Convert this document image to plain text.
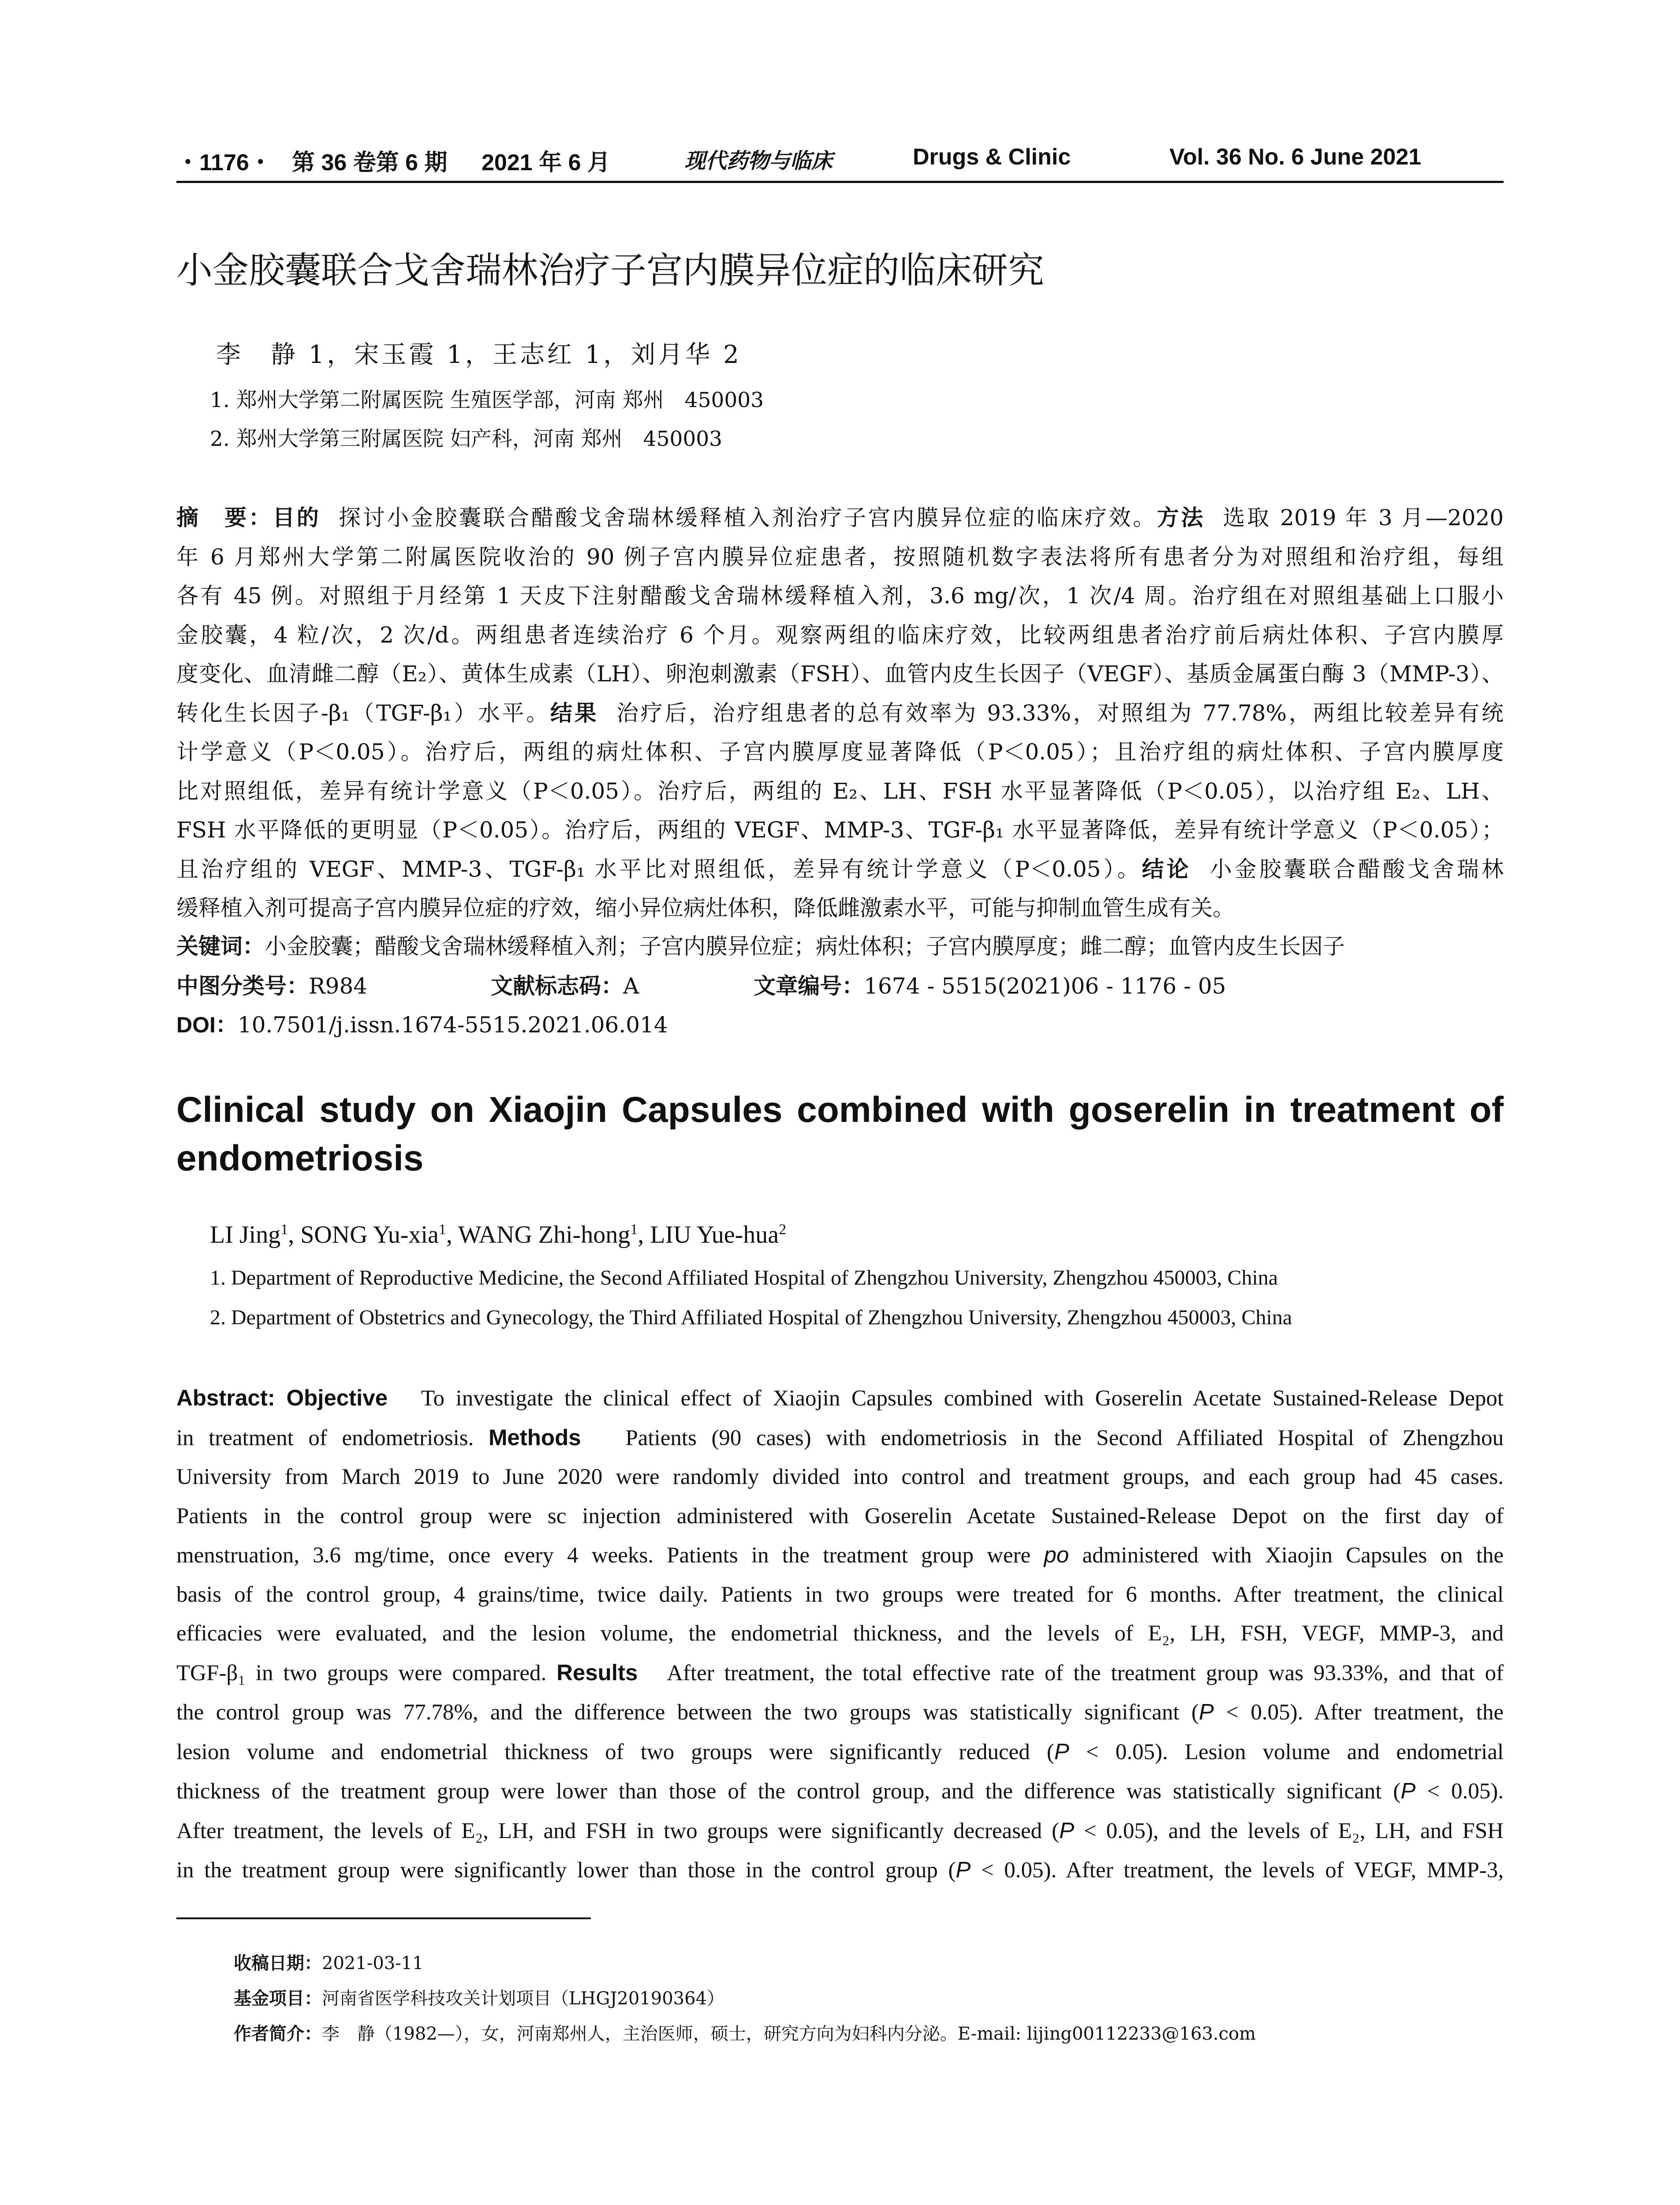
・1176・ 第 36 卷第 6 期 2021 年 6 月	现代药物与临床	Drugs & Clinic	Vol. 36 No. 6 June 2021
小金胶囊联合戈舍瑞林治疗子宫内膜异位症的临床研究
李　静 1，宋玉霞 1，王志红 1，刘月华 2
1. 郑州大学第二附属医院 生殖医学部，河南 郑州　450003
2. 郑州大学第三附属医院 妇产科，河南 郑州　450003
摘　要：目的 探讨小金胶囊联合醋酸戈舍瑞林缓释植入剂治疗子宫内膜异位症的临床疗效。方法 选取 2019 年 3 月—2020
年 6 月郑州大学第二附属医院收治的 90 例子宫内膜异位症患者，按照随机数字表法将所有患者分为对照组和治疗组，每组
各有 45 例。对照组于月经第 1 天皮下注射醋酸戈舍瑞林缓释植入剂，3.6 mg/次，1 次/4 周。治疗组在对照组基础上口服小
金胶囊，4 粒/次，2 次/d。两组患者连续治疗 6 个月。观察两组的临床疗效，比较两组患者治疗前后病灶体积、子宫内膜厚
度变化、血清雌二醇（E₂）、黄体生成素（LH）、卵泡刺激素（FSH）、血管内皮生长因子（VEGF）、基质金属蛋白酶 3（MMP-3）、
转化生长因子-β₁（TGF-β₁）水平。结果 治疗后，治疗组患者的总有效率为 93.33%，对照组为 77.78%，两组比较差异有统
计学意义（P＜0.05）。治疗后，两组的病灶体积、子宫内膜厚度显著降低（P＜0.05）；且治疗组的病灶体积、子宫内膜厚度
比对照组低，差异有统计学意义（P＜0.05）。治疗后，两组的 E₂、LH、FSH 水平显著降低（P＜0.05），以治疗组 E₂、LH、
FSH 水平降低的更明显（P＜0.05）。治疗后，两组的 VEGF、MMP-3、TGF-β₁ 水平显著降低，差异有统计学意义（P＜0.05）；
且治疗组的 VEGF、MMP-3、TGF-β₁ 水平比对照组低，差异有统计学意义（P＜0.05）。结论 小金胶囊联合醋酸戈舍瑞林
缓释植入剂可提高子宫内膜异位症的疗效，缩小异位病灶体积，降低雌激素水平，可能与抑制血管生成有关。
关键词：小金胶囊；醋酸戈舍瑞林缓释植入剂；子宫内膜异位症；病灶体积；子宫内膜厚度；雌二醇；血管内皮生长因子
中图分类号：R984	文献标志码：A	文章编号：1674 - 5515(2021)06 - 1176 - 05
DOI：10.7501/j.issn.1674-5515.2021.06.014
Clinical study on Xiaojin Capsules combined with goserelin in treatment of
endometriosis
LI Jing$^1$, SONG Yu-xia$^1$, WANG Zhi-hong$^1$, LIU Yue-hua$^2$
1. Department of Reproductive Medicine, the Second Affiliated Hospital of Zhengzhou University, Zhengzhou 450003, China
2. Department of Obstetrics and Gynecology, the Third Affiliated Hospital of Zhengzhou University, Zhengzhou 450003, China
Abstract: Objective To investigate the clinical effect of Xiaojin Capsules combined with Goserelin Acetate Sustained-Release Depot
in treatment of endometriosis. Methods Patients (90 cases) with endometriosis in the Second Affiliated Hospital of Zhengzhou
University from March 2019 to June 2020 were randomly divided into control and treatment groups, and each group had 45 cases.
Patients in the control group were sc injection administered with Goserelin Acetate Sustained-Release Depot on the first day of
menstruation, 3.6 mg/time, once every 4 weeks. Patients in the treatment group were po administered with Xiaojin Capsules on the
basis of the control group, 4 grains/time, twice daily. Patients in two groups were treated for 6 months. After treatment, the clinical
efficacies were evaluated, and the lesion volume, the endometrial thickness, and the levels of E₂, LH, FSH, VEGF, MMP-3, and
TGF-β₁ in two groups were compared. Results After treatment, the total effective rate of the treatment group was 93.33%, and that of
the control group was 77.78%, and the difference between the two groups was statistically significant (P < 0.05). After treatment, the
lesion volume and endometrial thickness of two groups were significantly reduced (P < 0.05). Lesion volume and endometrial
thickness of the treatment group were lower than those of the control group, and the difference was statistically significant (P < 0.05).
After treatment, the levels of E₂, LH, and FSH in two groups were significantly decreased (P < 0.05), and the levels of E₂, LH, and FSH
in the treatment group were significantly lower than those in the control group (P < 0.05). After treatment, the levels of VEGF, MMP-3,
收稿日期：2021-03-11
基金项目：河南省医学科技攻关计划项目（LHGJ20190364）
作者简介：李　静（1982—），女，河南郑州人，主治医师，硕士，研究方向为妇科内分泌。E-mail: lijing00112233@163.com
